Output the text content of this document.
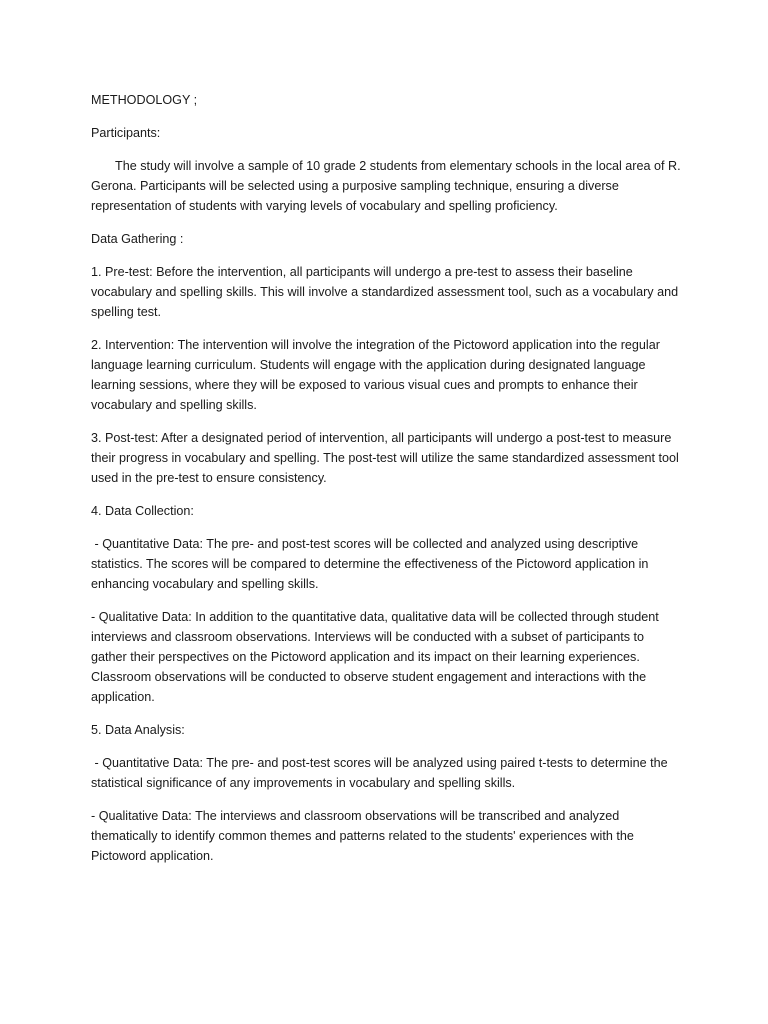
METHODOLOGY ;

Participants:

The study will involve a sample of 10 grade 2 students from elementary schools in the local area of R. Gerona. Participants will be selected using a purposive sampling technique, ensuring a diverse representation of students with varying levels of vocabulary and spelling proficiency.

Data Gathering :

1. Pre-test: Before the intervention, all participants will undergo a pre-test to assess their baseline vocabulary and spelling skills. This will involve a standardized assessment tool, such as a vocabulary and spelling test.

2. Intervention: The intervention will involve the integration of the Pictoword application into the regular language learning curriculum. Students will engage with the application during designated language learning sessions, where they will be exposed to various visual cues and prompts to enhance their vocabulary and spelling skills.

3. Post-test: After a designated period of intervention, all participants will undergo a post-test to measure their progress in vocabulary and spelling. The post-test will utilize the same standardized assessment tool used in the pre-test to ensure consistency.

4. Data Collection:

- Quantitative Data: The pre- and post-test scores will be collected and analyzed using descriptive statistics. The scores will be compared to determine the effectiveness of the Pictoword application in enhancing vocabulary and spelling skills.

- Qualitative Data: In addition to the quantitative data, qualitative data will be collected through student interviews and classroom observations. Interviews will be conducted with a subset of participants to gather their perspectives on the Pictoword application and its impact on their learning experiences. Classroom observations will be conducted to observe student engagement and interactions with the application.

5. Data Analysis:

- Quantitative Data: The pre- and post-test scores will be analyzed using paired t-tests to determine the statistical significance of any improvements in vocabulary and spelling skills.

- Qualitative Data: The interviews and classroom observations will be transcribed and analyzed thematically to identify common themes and patterns related to the students' experiences with the Pictoword application.
